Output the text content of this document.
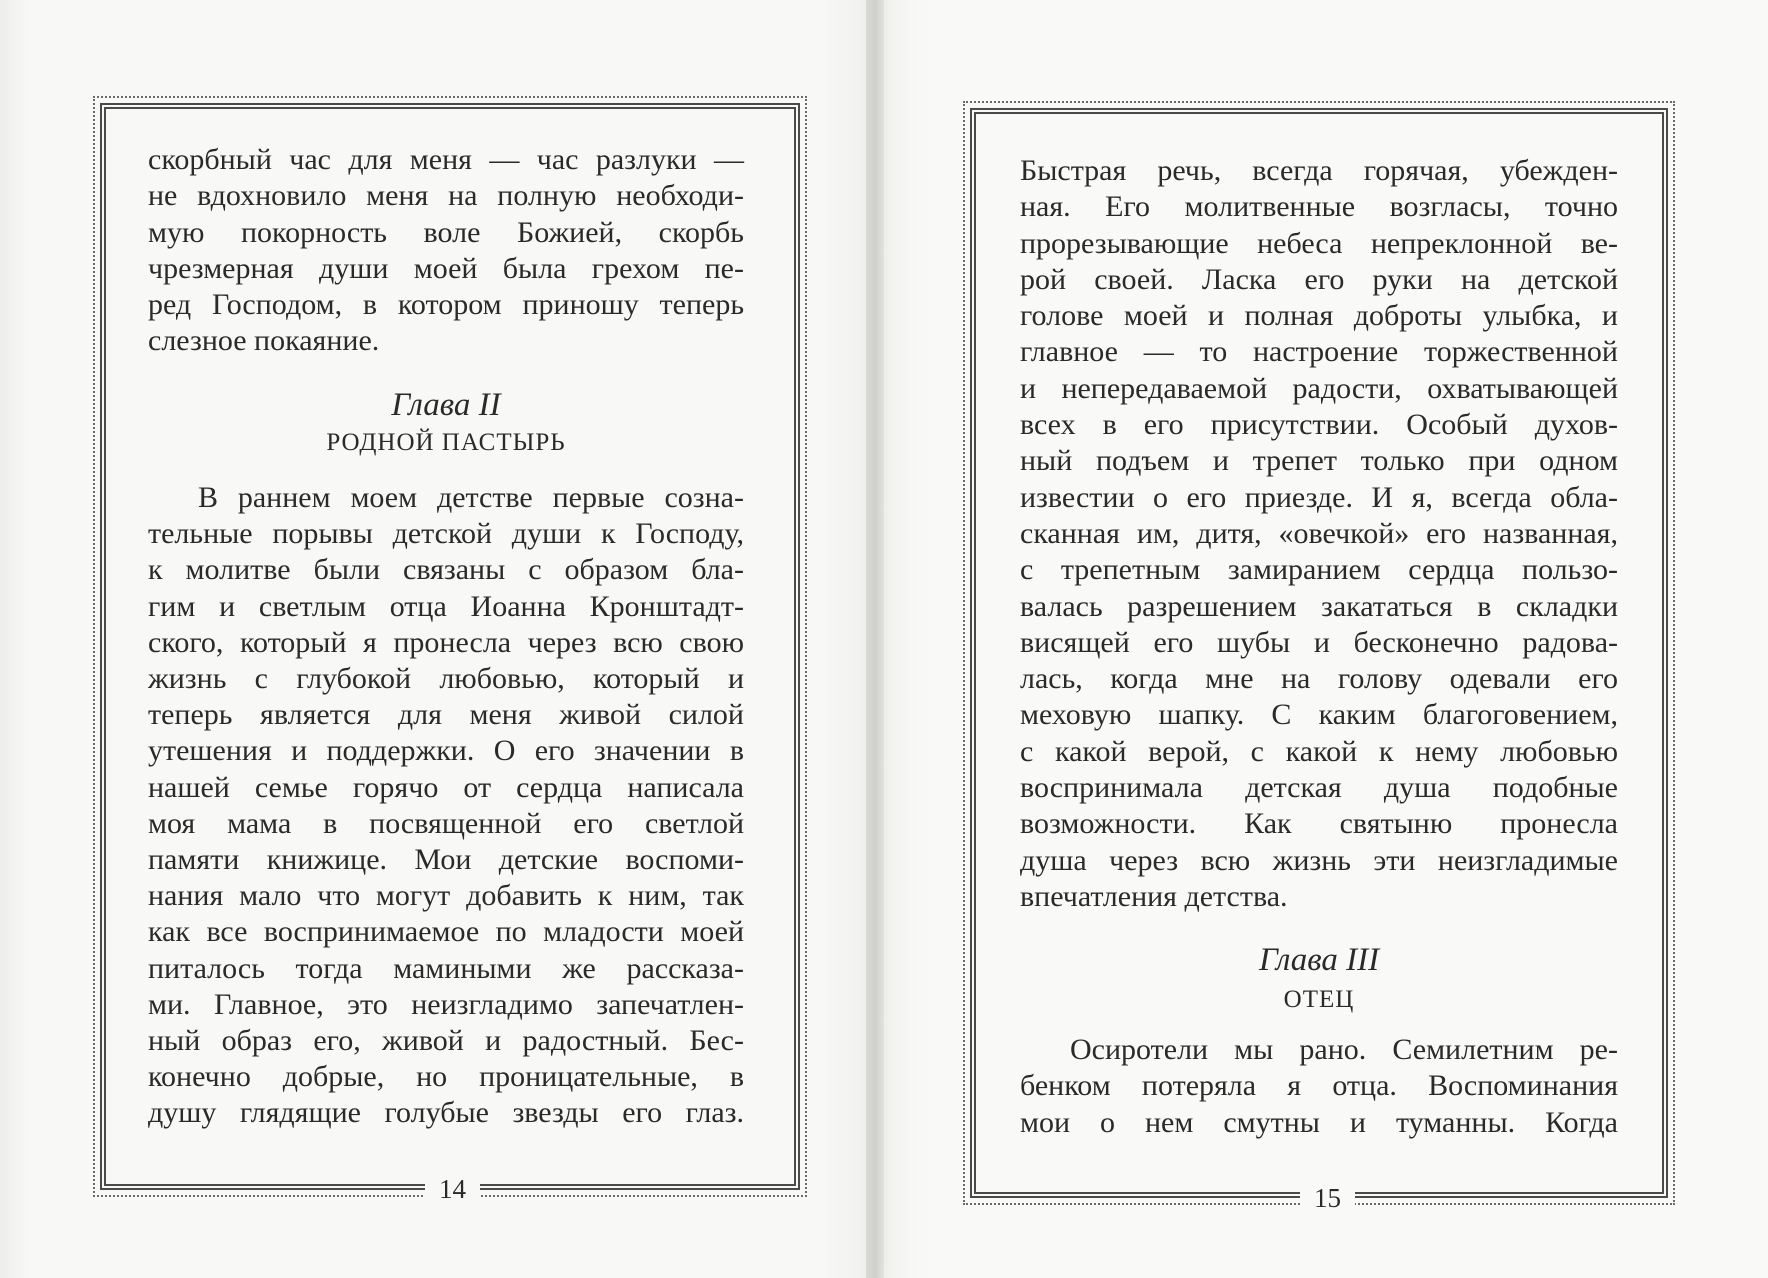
скорбный час для меня — час разлуки —
не вдохновило меня на полную необходи-
мую покорность воле Божией, скорбь
чрезмерная души моей была грехом пе-
ред Господом, в котором приношу теперь
слезное покаяние.
Глава II
РОДНОЙ ПАСТЫРЬ
В раннем моем детстве первые созна-
тельные порывы детской души к Господу,
к молитве были связаны с образом бла-
гим и светлым отца Иоанна Кронштадт-
ского, который я пронесла через всю свою
жизнь с глубокой любовью, который и
теперь является для меня живой силой
утешения и поддержки. О его значении в
нашей семье горячо от сердца написала
моя мама в посвященной его светлой
памяти книжице. Мои детские воспоми-
нания мало что могут добавить к ним, так
как все воспринимаемое по младости моей
питалось тогда мамиными же рассказа-
ми. Главное, это неизгладимо запечатлен-
ный образ его, живой и радостный. Бес-
конечно добрые, но проницательные, в
душу глядящие голубые звезды его глаз.
14
Быстрая речь, всегда горячая, убежден-
ная. Его молитвенные возгласы, точно
прорезывающие небеса непреклонной ве-
рой своей. Ласка его руки на детской
голове моей и полная доброты улыбка, и
главное — то настроение торжественной
и непередаваемой радости, охватывающей
всех в его присутствии. Особый духов-
ный подъем и трепет только при одном
известии о его приезде. И я, всегда обла-
сканная им, дитя, «овечкой» его названная,
с трепетным замиранием сердца пользо-
валась разрешением закататься в складки
висящей его шубы и бесконечно радова-
лась, когда мне на голову одевали его
меховую шапку. С каким благоговением,
с какой верой, с какой к нему любовью
воспринимала детская душа подобные
возможности. Как святыню пронесла
душа через всю жизнь эти неизгладимые
впечатления детства.
Глава III
ОТЕЦ
Осиротели мы рано. Семилетним ре-
бенком потеряла я отца. Воспоминания
мои о нем смутны и туманны. Когда
15
